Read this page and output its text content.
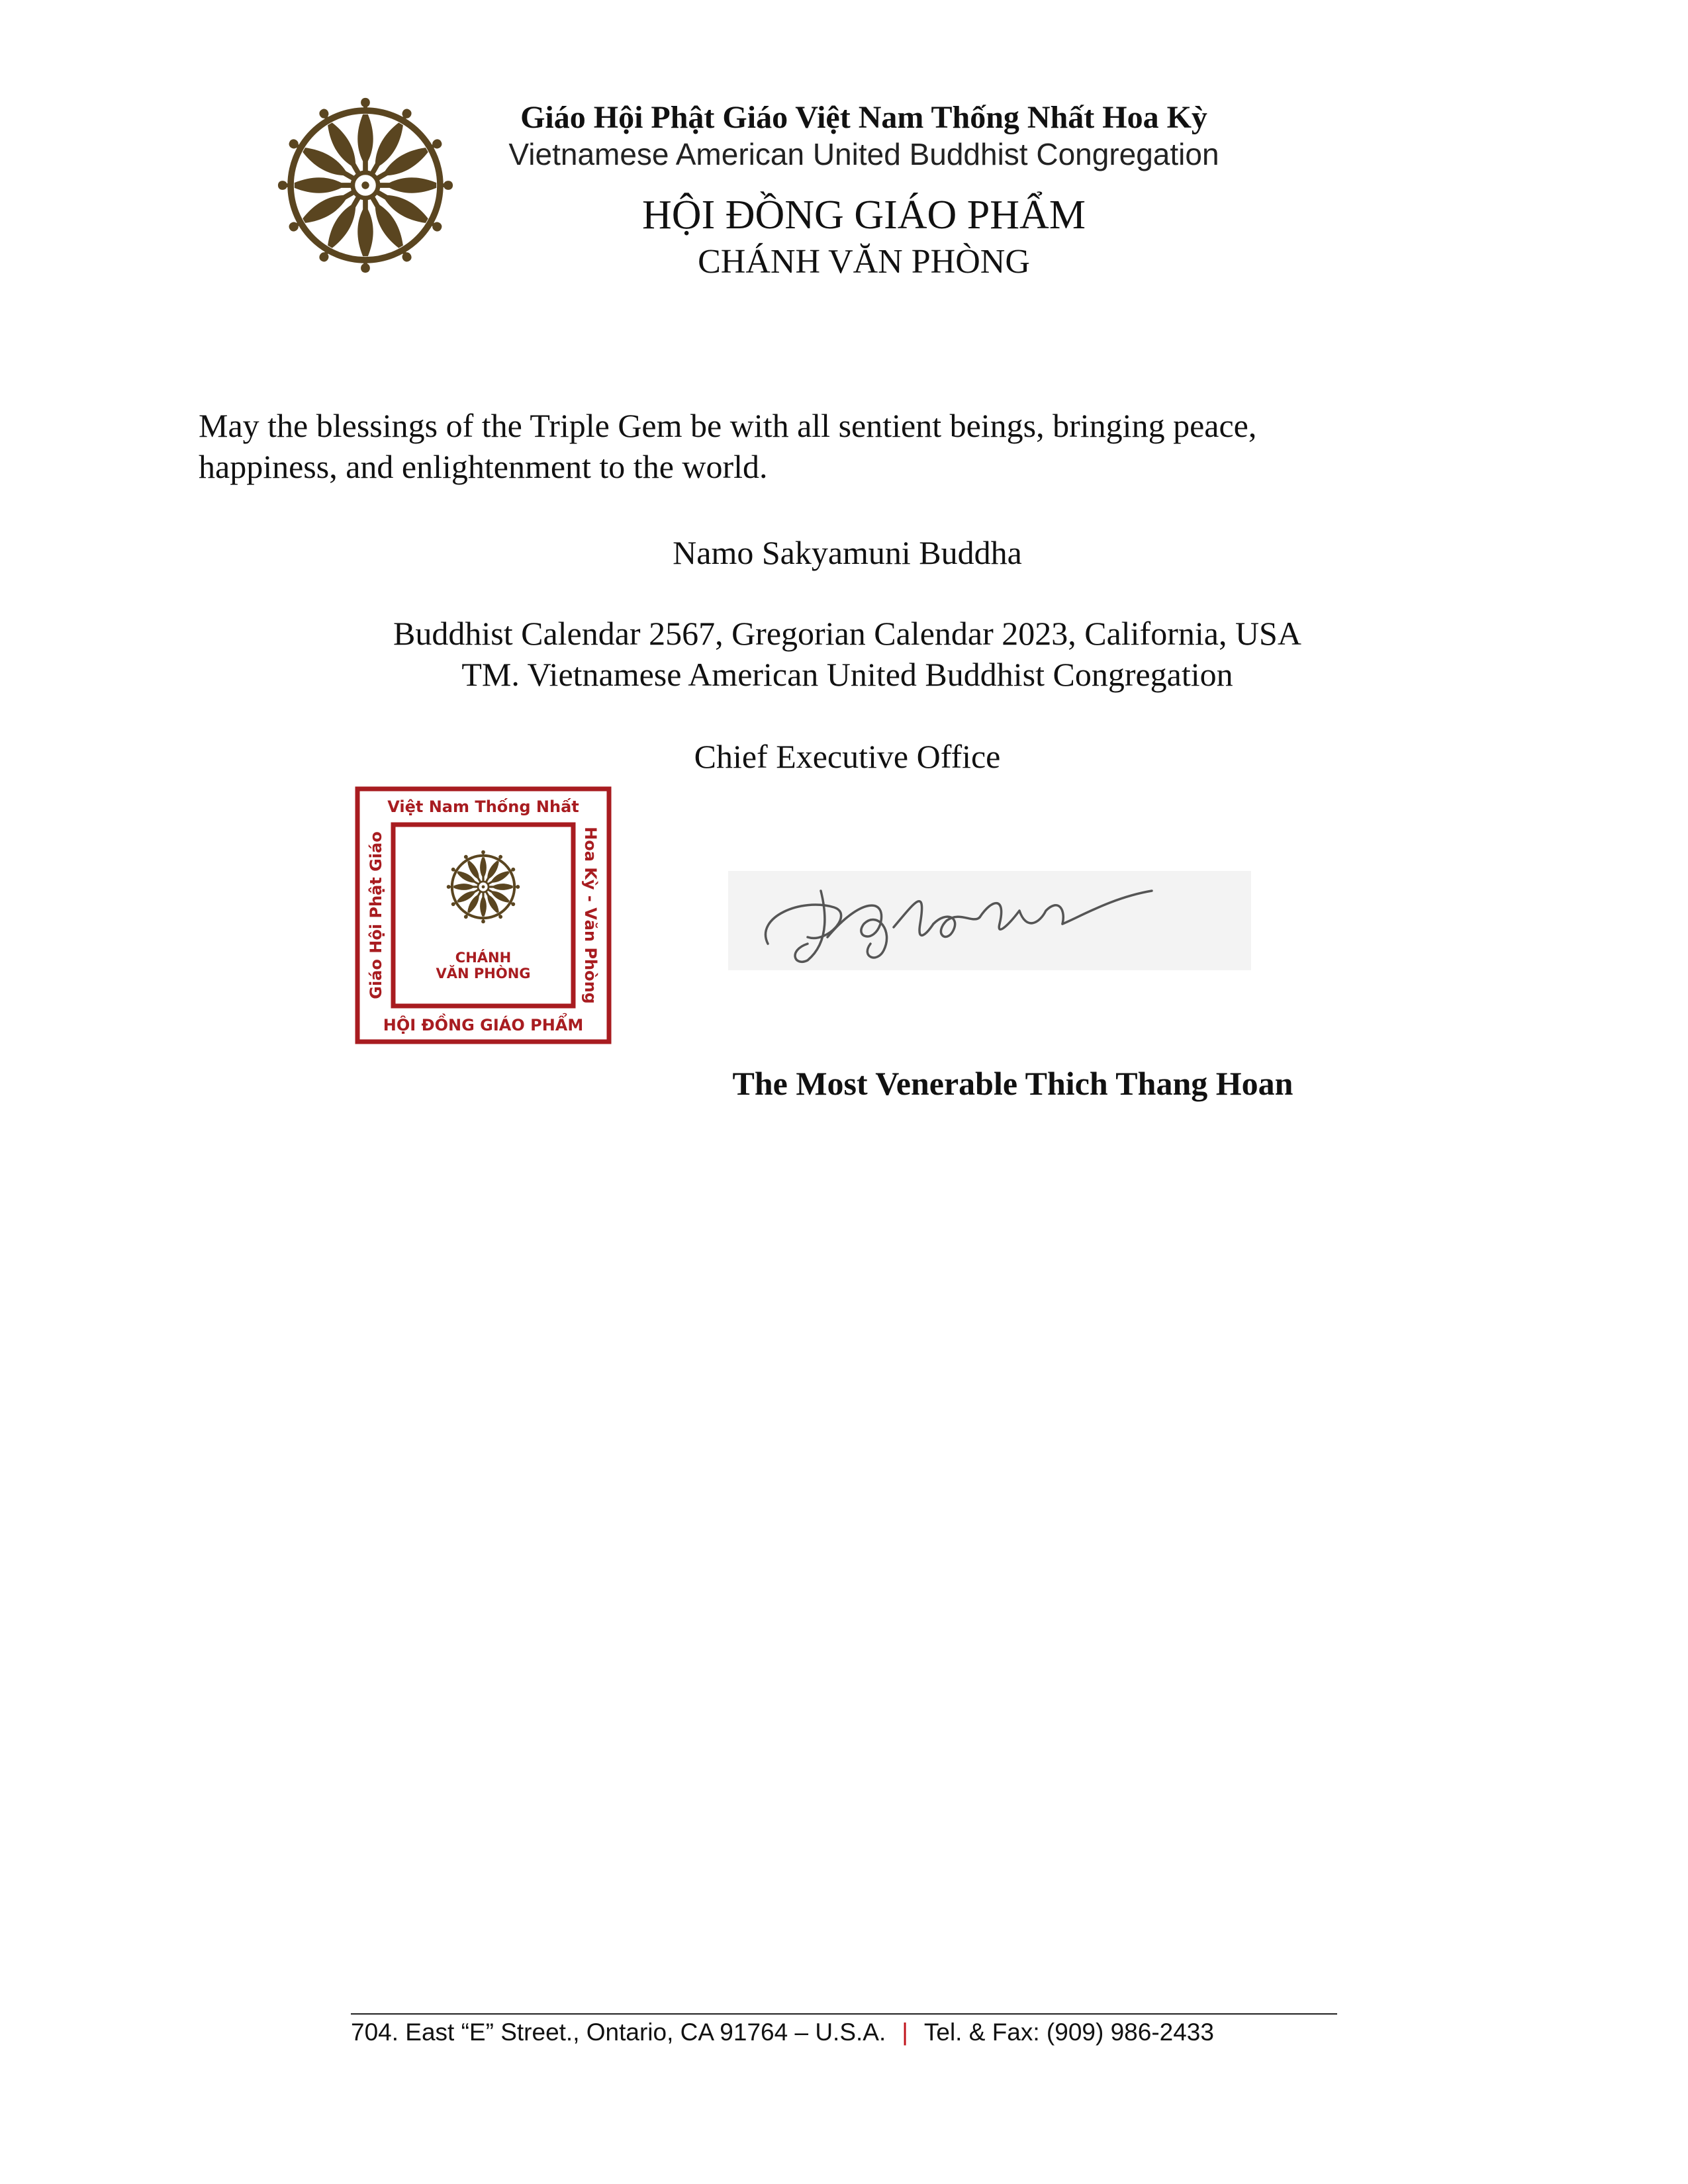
Giáo Hội Phật Giáo Việt Nam Thống Nhất Hoa Kỳ
Vietnamese American United Buddhist Congregation
HỘI ĐỒNG GIÁO PHẨM
CHÁNH VĂN PHÒNG
May the blessings of the Triple Gem be with all sentient beings, bringing peace, happiness, and enlightenment to the world.
Namo Sakyamuni Buddha
Buddhist Calendar 2567, Gregorian Calendar 2023, California, USA
TM. Vietnamese American United Buddhist Congregation
Chief Executive Office
Việt Nam Thống Nhất
HỘI ĐỒNG GIÁO PHẨM
Giáo Hội Phật Giáo	Hoa Kỳ - Văn Phòng
CHÁNH
VĂN PHÒNG
The Most Venerable Thich Thang Hoan
704. East “E” Street., Ontario, CA 91764 – U.S.A. | Tel. & Fax: (909) 986-2433
